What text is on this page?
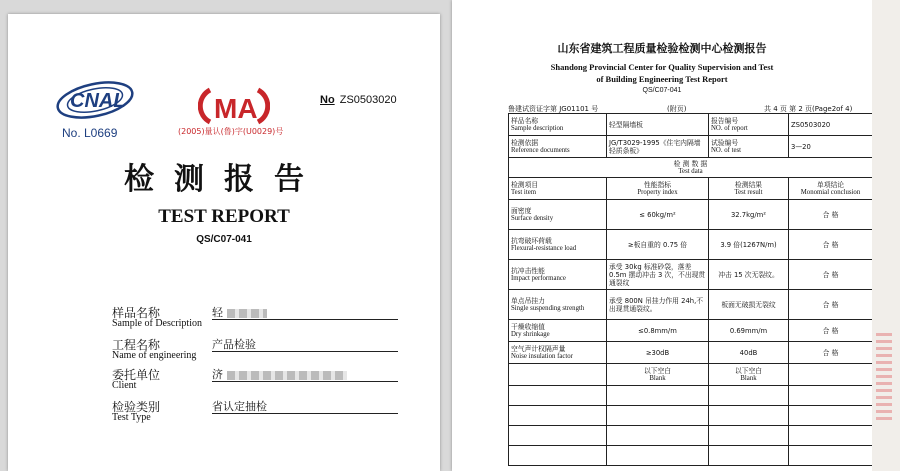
CNAL
No. L0669
MA
(2005)量认(鲁)字(U0029)号
No ZS0503020
检测报告
TEST REPORT
QS/C07-041
样品名称
Sample of Description
轻
工程名称
Name of engineering
产品检验
委托单位
Client
济
检验类别
Test Type
省认定抽检
山东省建筑工程质量检验检测中心检测报告
Shandong Provincial Center for Quality Supervision and Test
of Building Engineering Test Report
QS/C07-041
鲁建试资证字第 JG01101 号	(附页)	共 4 页 第 2 页(Page2of 4)
样品名称
Sample description	轻型隔墙板	报告编号
NO. of report	ZS0503020

检测依据
Reference documents	JG/T3029-1995《住宅内隔墙轻质条板》	试验编号
NO. of test	3—20

检 测 数 据
Test data			

检测项目
Test item	性能指标
Property index	检测结果
Test result	单项结论
Monomial conclusion

面密度
Surface density	≤ 60kg/m²	32.7kg/m²	合 格

抗弯破坏荷载
Flexural-resistance load	≥板自重的 0.75 倍	3.9 倍(1267N/m)	合 格

抗冲击性能
Impact performance	承受 30kg 标准砂袋，落差 0.5m 摆动冲击 3 次，不出现贯通裂纹	冲击 15 次无裂纹。	合 格

单点吊挂力
Single suspending strength	承受 800N 吊挂力作用 24h,不出现贯通裂纹。	板面无破损无裂纹	合 格

干燥收缩值
Dry shrinkage	≤0.8mm/m	0.69mm/m	合 格

空气声计权隔声量
Noise insulation factor	≥30dB	40dB	合 格

	以下空白
Blank	以下空白
Blank	
